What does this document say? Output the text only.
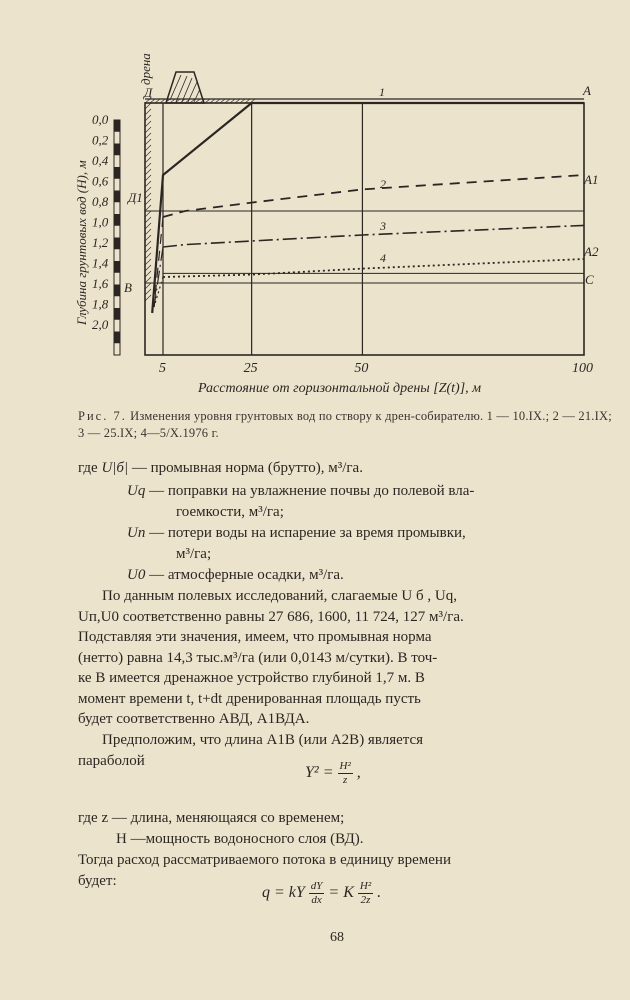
Глубина грунтовых вод (H), м
дрена
0,0
0,2
0,4
0,6
0,8
1,0
1,2
1,4
1,6
1,8
2,0
5	25	50	100
Расстояние от горизонтальной дрены [Z(t)], м
Д	A
Д1
A1
A2
B
C
1
2
3
4
Рис. 7. Изменения уровня грунтовых вод по створу к дрен-собирателю. 1 — 10.IX.; 2 — 21.IX; 3 — 25.IX; 4—5/X.1976 г.
где U|б| — промывная норма (брутто), м³/га.
Uq — поправки на увлажнение почвы до полевой вла-
гоемкости, м³/га;
Uп — потери воды на испарение за время промывки,
м³/га;
U0 — атмосферные осадки, м³/га.
По данным полевых исследований, слагаемые U б , Uq,
Uп,U0 соответственно равны 27 686, 1600, 11 724, 127 м³/га.
Подставляя эти значения, имеем, что промывная норма
(нетто) равна 14,3 тыс.м³/га (или 0,0143 м/сутки). В точ-
ке В имеется дренажное устройство глубиной 1,7 м. В
момент времени t, t+dt дренированная площадь пусть
будет соответственно АВД, A1ВДА.
Предположим, что длина A1В (или A2В) является
параболой
$Y^2 = \frac{\text{H²}}{z}$ ,
где z — длина, меняющаяся со временем;
H —мощность водоносного слоя (ВД).
Тогда расход рассматриваемого потока в единицу времени
будет:
q = kY $\frac{dY}{dx} = K \frac{\text{H²}}{2z}$ .
68
